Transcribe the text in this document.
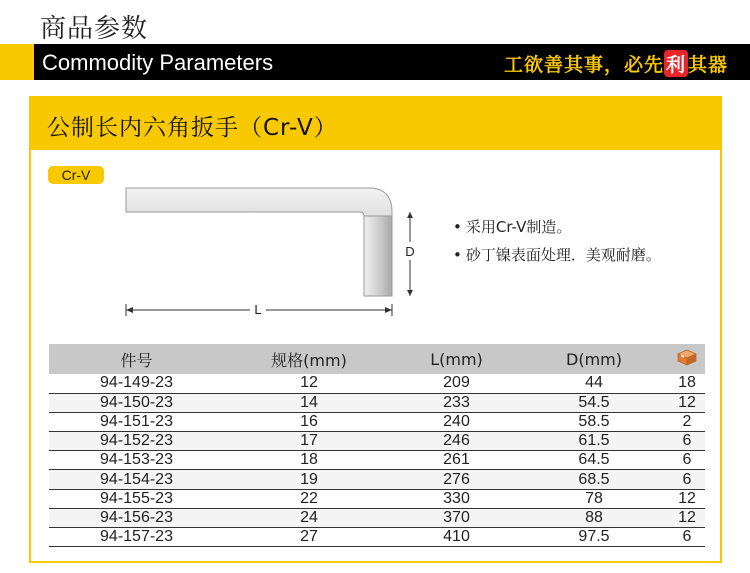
商品参数
Commodity Parameters	工欲善其事，必先 利 其器
公制长内六角扳手（Cr-V）
Cr-V
D
L
• 采用Cr-V制造。
• 砂丁镍表面处理．美观耐磨。
件号	规格(mm)	L(mm)	D(mm)	
94-149-23	12	209	44	18
94-150-23	14	233	54.5	12
94-151-23	16	240	58.5	2
94-152-23	17	246	61.5	6
94-153-23	18	261	64.5	6
94-154-23	19	276	68.5	6
94-155-23	22	330	78	12
94-156-23	24	370	88	12
94-157-23	27	410	97.5	6
